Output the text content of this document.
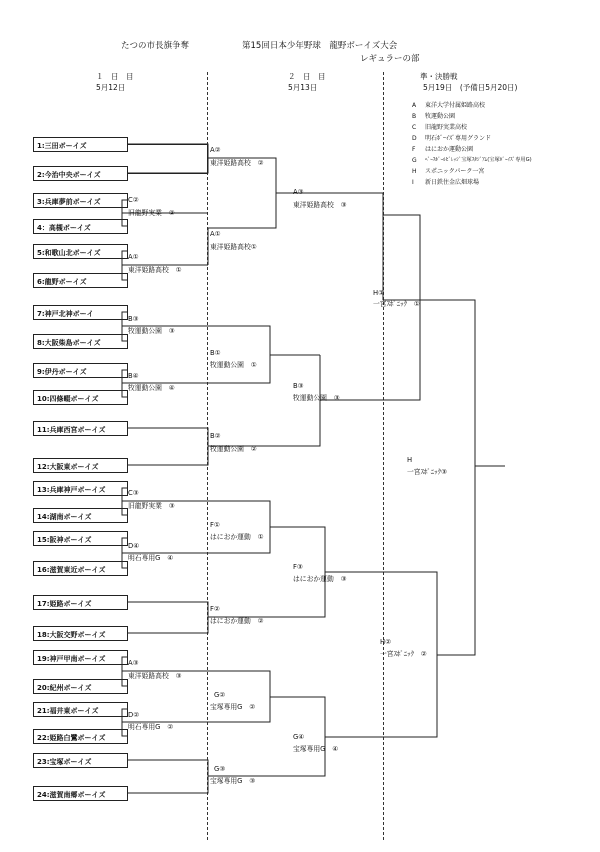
たつの市長旗争奪	第15回日本少年野球　龍野ボーイズ大会
レギュラーの部
１　日　目
5月12日
２　日　目
5月13日
準・決勝戦
5月19日　(予備日5月20日)
A 東洋大学付属姫路高校
B 牧運動公園
C 旧龍野実業高校
D 明石ﾎﾞｰｲｽﾞ専用グランド
F はにおか運動公園
G ﾍﾞｰｽﾎﾞｰﾙﾋﾞﾚｯｼﾞ宝塚ｽﾀｼﾞｱﾑ(宝塚ﾎﾞｰｲｽﾞ専用G)
H スポニックパーク一宮
I 新日鉄住金広畑球場
1:三田ボーイズ
2:今治中央ボーイズ
3:兵庫夢前ボーイズ
4：高槻ボーイズ
5:和歌山北ボーイズ
6:龍野ボーイズ
7:神戸北神ボーイ
8:大阪柴島ボーイズ
9:伊丹ボーイズ
10:四條畷ボーイズ
11:兵庫西宮ボーイズ
12:大阪東ボーイズ
13:兵庫神戸ボーイズ
14:湖南ボーイズ
15:阪神ボーイズ
16:滋賀東近ボーイズ
17:姫路ボーイズ
18:大阪交野ボーイズ
19:神戸甲南ボーイズ
20:紀州ボーイズ
21:福井東ボーイズ
22:姫路白鷺ボーイズ
23:宝塚ボーイズ
24:滋賀南郷ボーイズ
C②
旧龍野実業　②
A①
東洋姫路高校　①
B③
牧運動公園　③
B④
牧運動公園　④
C③
旧龍野実業　③
D④
明石専用G　④
A③
東洋姫路高校　③
D②
明石専用G　②
A②
東洋姫路高校　②
A①
東洋姫路高校①
B①
牧運動公園　①
B②
牧運動公園　②
F①
はにおか運動　①
F②
はにおか運動　②
G②
宝塚専用G　②
G③
宝塚専用G　③
A③
東洋姫路高校　③
B③
牧運動公園　③
F③
はにおか運動　③
G④
宝塚専用G　④
H①
一宮ｽﾎﾟﾆｯｸ　①
H②
一宮ｽﾎﾟﾆｯｸ　②
H
一宮ｽﾎﾟﾆｯｸ③
